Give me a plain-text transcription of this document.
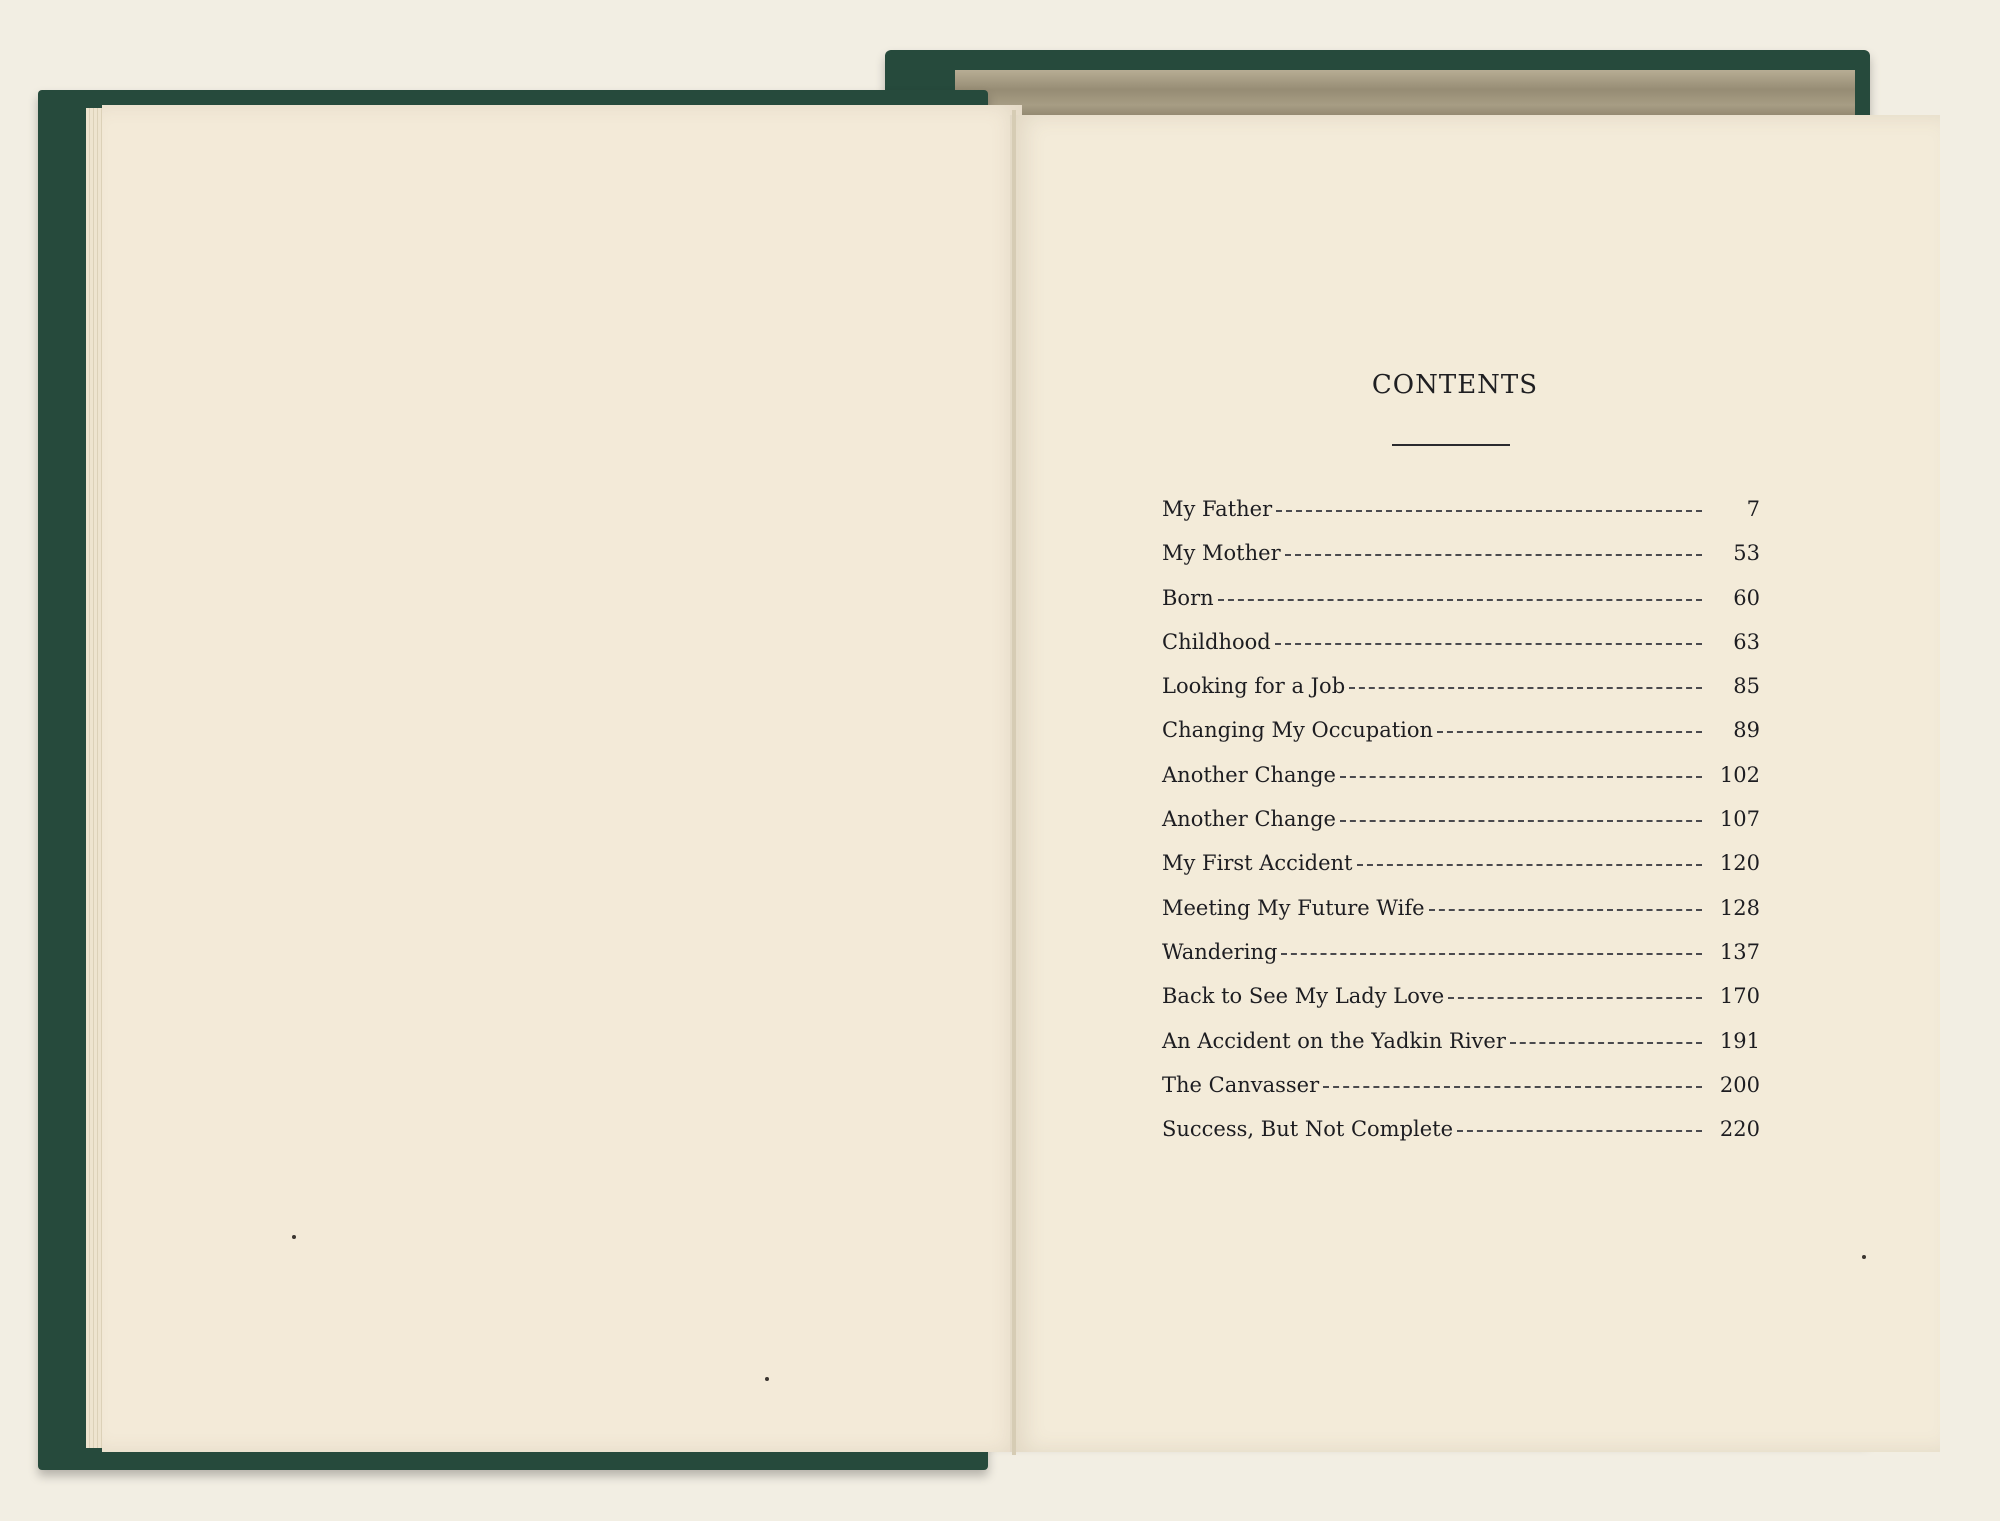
CONTENTS
My Father	7
My Mother	53
Born	60
Childhood	63
Looking for a Job	85
Changing My Occupation	89
Another Change	102
Another Change	107
My First Accident	120
Meeting My Future Wife	128
Wandering	137
Back to See My Lady Love	170
An Accident on the Yadkin River	191
The Canvasser	200
Success, But Not Complete	220
